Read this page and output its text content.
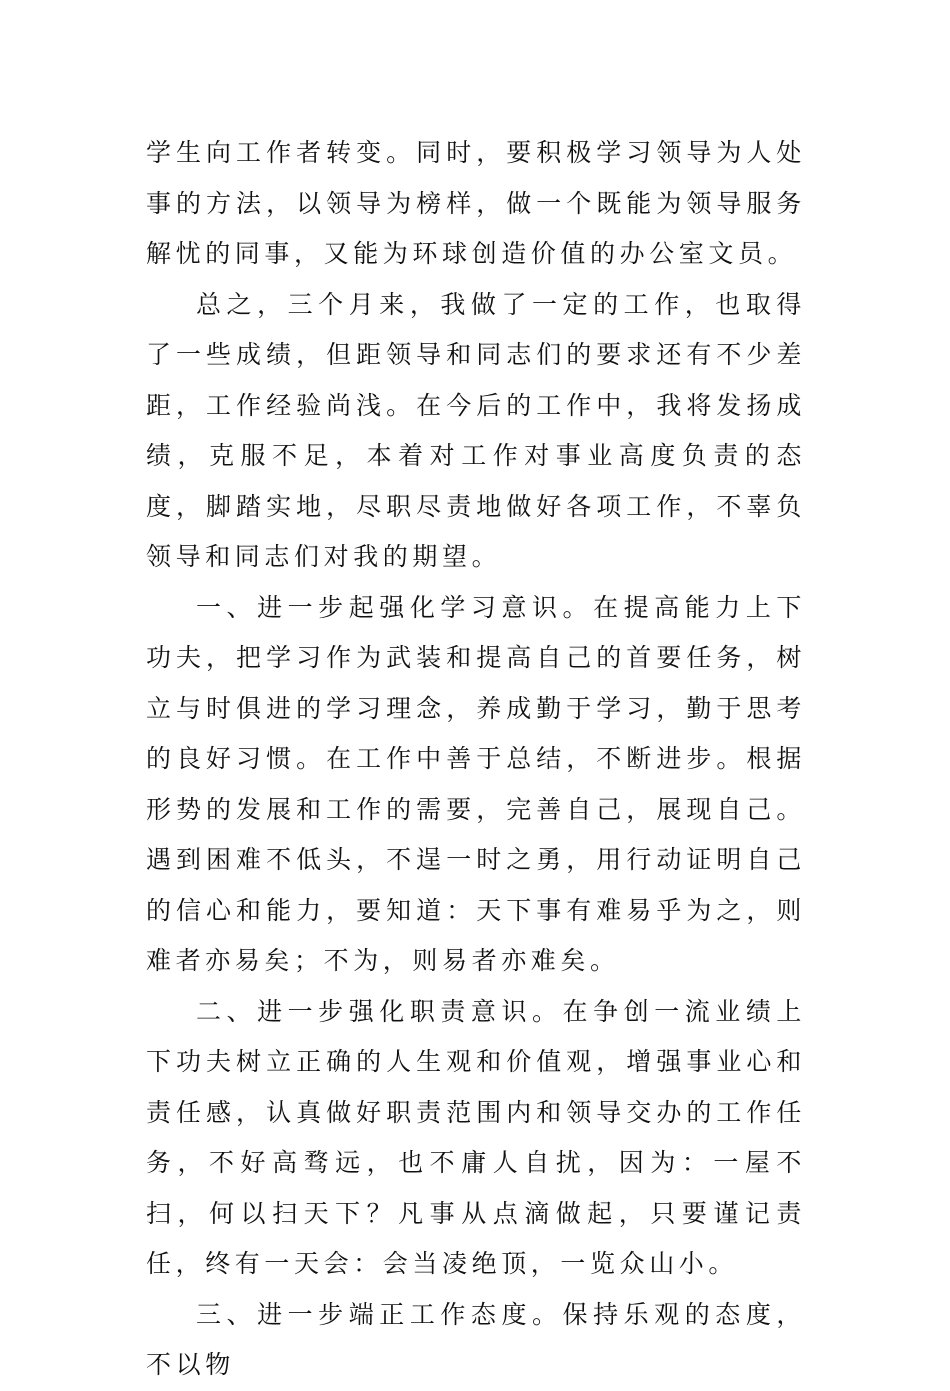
学生向工作者转变。同时，要积极学习领导为人处事的方法，以领导为榜样，做一个既能为领导服务解忧的同事，又能为环球创造价值的办公室文员。

总之，三个月来，我做了一定的工作，也取得了一些成绩，但距领导和同志们的要求还有不少差距，工作经验尚浅。在今后的工作中，我将发扬成绩，克服不足，本着对工作对事业高度负责的态度，脚踏实地，尽职尽责地做好各项工作，不辜负领导和同志们对我的期望。

一、进一步起强化学习意识。在提高能力上下功夫，把学习作为武装和提高自己的首要任务，树立与时俱进的学习理念，养成勤于学习，勤于思考的良好习惯。在工作中善于总结，不断进步。根据形势的发展和工作的需要，完善自己，展现自己。遇到困难不低头，不逞一时之勇，用行动证明自己的信心和能力，要知道：天下事有难易乎为之，则难者亦易矣；不为，则易者亦难矣。

二、进一步强化职责意识。在争创一流业绩上下功夫树立正确的人生观和价值观，增强事业心和责任感，认真做好职责范围内和领导交办的工作任务，不好高骛远，也不庸人自扰，因为：一屋不扫，何以扫天下？凡事从点滴做起，只要谨记责任，终有一天会：会当凌绝顶，一览众山小。

三、进一步端正工作态度。保持乐观的态度，不以物
